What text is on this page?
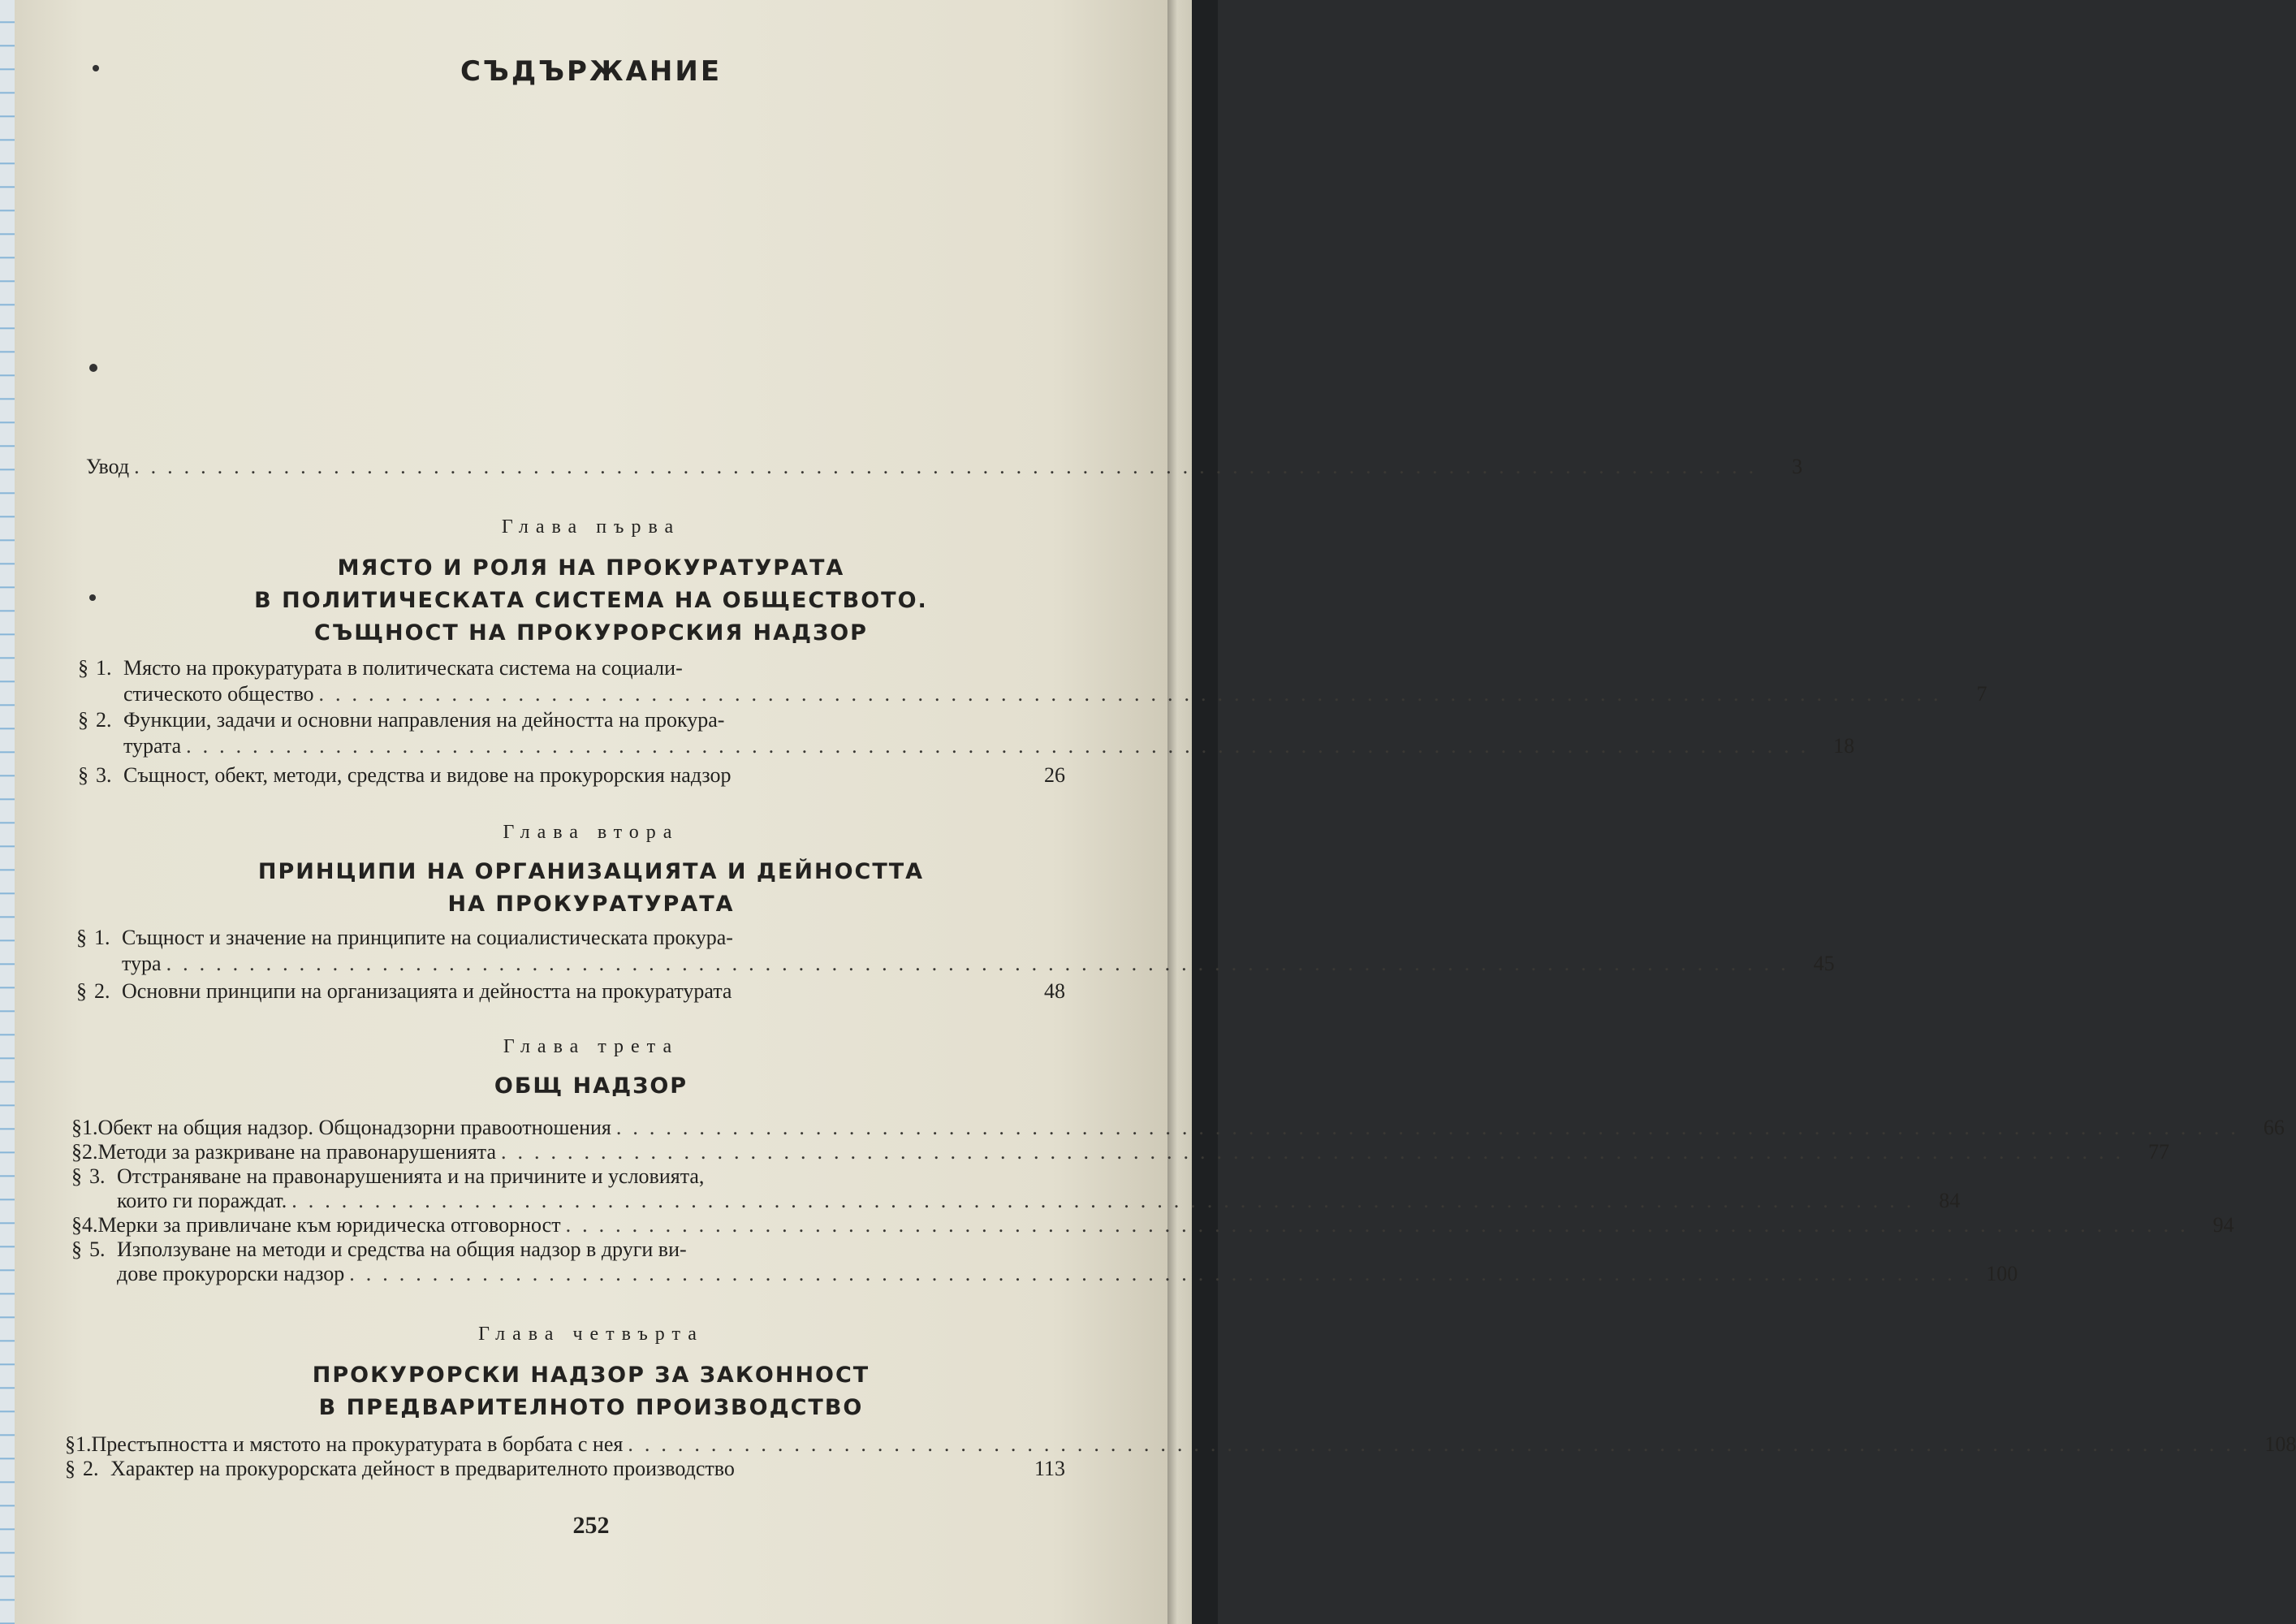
СЪДЪРЖАНИЕ
Увод ..................................................................................................	3

Глава първа

МЯСТО И РОЛЯ НА ПРОКУРАТУРАТА
В ПОЛИТИЧЕСКАТА СИСТЕМА НА ОБЩЕСТВОТО.
СЪЩНОСТ НА ПРОКУРОРСКИЯ НАДЗОР
§ 1. Място на прокуратурата в политическата система на социали-
стическото общество ..................................................................................................	7
§ 2. Функции, задачи и основни направления на дейността на прокура-
турата .................................................................................................. 18
§ 3. Същност, обект, методи, средства и видове на прокурорския надзор	26

Глава втора

ПРИНЦИПИ НА ОРГАНИЗАЦИЯТА И ДЕЙНОСТТА
НА ПРОКУРАТУРАТА
§ 1. Същност и значение на принципите на социалистическата прокура-
тура .................................................................................................. 45
§ 2. Основни принципи на организацията и дейността на прокуратурата	48

Глава трета

ОБЩ НАДЗОР
§ 1. Обект на общия надзор. Общонадзорни правоотношения .................................................................................................. 66
§ 2. Методи за разкриване на правонарушенията .................................................................................................. 77
§ 3. Отстраняване на правонарушенията и на причините и условията,
които ги пораждат. .................................................................................................. 84
§ 4. Мерки за привличане към юридическа отговорност .................................................................................................. 94
§ 5. Използуване на методи и средства на общия надзор в други ви-
дове прокурорски надзор .................................................................................................. 100

Глава четвърта

ПРОКУРОРСКИ НАДЗОР ЗА ЗАКОННОСТ
В ПРЕДВАРИТЕЛНОТО ПРОИЗВОДСТВО
§ 1. Престъпността и мястото на прокуратурата в борбата с нея .................................................................................................. 108
§ 2. Характер на прокурорската дейност в предварителното производство	113

252
